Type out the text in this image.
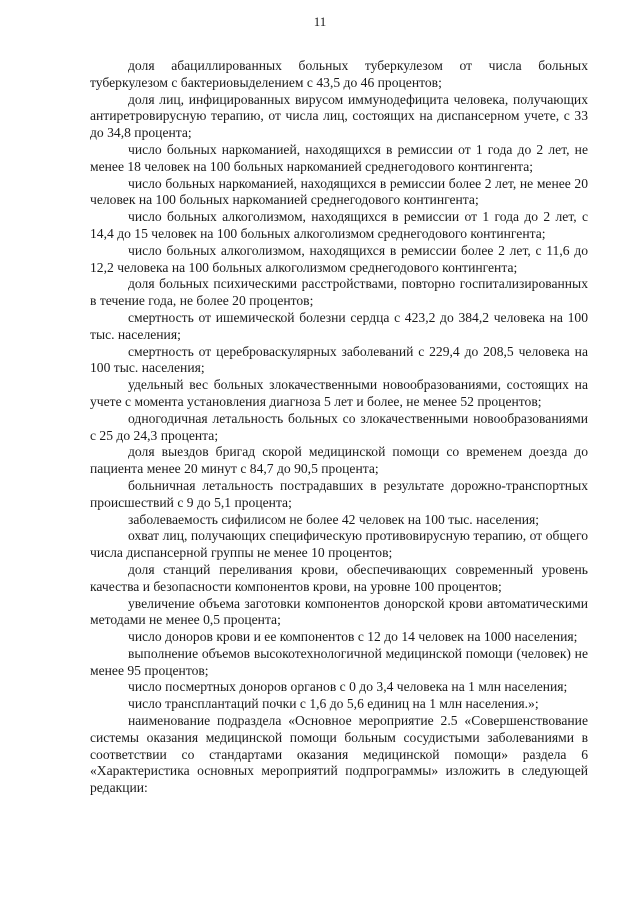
11

доля абациллированных больных туберкулезом от числа больных туберкулезом с бактериовыделением с 43,5 до 46 процентов;

доля лиц, инфицированных вирусом иммунодефицита человека, получающих антиретровирусную терапию, от числа лиц, состоящих на диспансерном учете, с 33 до 34,8 процента;

число больных наркоманией, находящихся в ремиссии от 1 года до 2 лет, не менее 18 человек на 100 больных наркоманией среднегодового контингента;

число больных наркоманией, находящихся в ремиссии более 2 лет, не менее 20 человек на 100 больных наркоманией среднегодового контингента;

число больных алкоголизмом, находящихся в ремиссии от 1 года до 2 лет, с 14,4 до 15 человек на 100 больных алкоголизмом среднегодового контингента;

число больных алкоголизмом, находящихся в ремиссии более 2 лет, с 11,6 до 12,2 человека на 100 больных алкоголизмом среднегодового контингента;

доля больных психическими расстройствами, повторно госпитализированных в течение года, не более 20 процентов;

смертность от ишемической болезни сердца с 423,2 до 384,2 человека на 100 тыс. населения;

смертность от цереброваскулярных заболеваний с 229,4 до 208,5 человека на 100 тыс. населения;

удельный вес больных злокачественными новообразованиями, состоящих на учете с момента установления диагноза 5 лет и более, не менее 52 процентов;

одногодичная летальность больных со злокачественными новообразованиями с 25 до 24,3 процента;

доля выездов бригад скорой медицинской помощи со временем доезда до пациента менее 20 минут с 84,7 до 90,5 процента;

больничная летальность пострадавших в результате дорожно-транспортных происшествий с 9 до 5,1 процента;

заболеваемость сифилисом не более 42 человек на 100 тыс. населения;

охват лиц, получающих специфическую противовирусную терапию, от общего числа диспансерной группы не менее 10 процентов;

доля станций переливания крови, обеспечивающих современный уровень качества и безопасности компонентов крови, на уровне 100 процентов;

увеличение объема заготовки компонентов донорской крови автоматическими методами не менее 0,5 процента;

число доноров крови и ее компонентов с 12 до 14 человек на 1000 населения;

выполнение объемов высокотехнологичной медицинской помощи (человек) не менее 95 процентов;

число посмертных доноров органов с 0 до 3,4 человека на 1 млн населения;

число трансплантаций почки с 1,6 до 5,6 единиц на 1 млн населения.»;

наименование подраздела «Основное мероприятие 2.5 «Совершенствование системы оказания медицинской помощи больным сосудистыми заболеваниями в соответствии со стандартами оказания медицинской помощи» раздела 6 «Характеристика основных мероприятий подпрограммы» изложить в следующей редакции:
